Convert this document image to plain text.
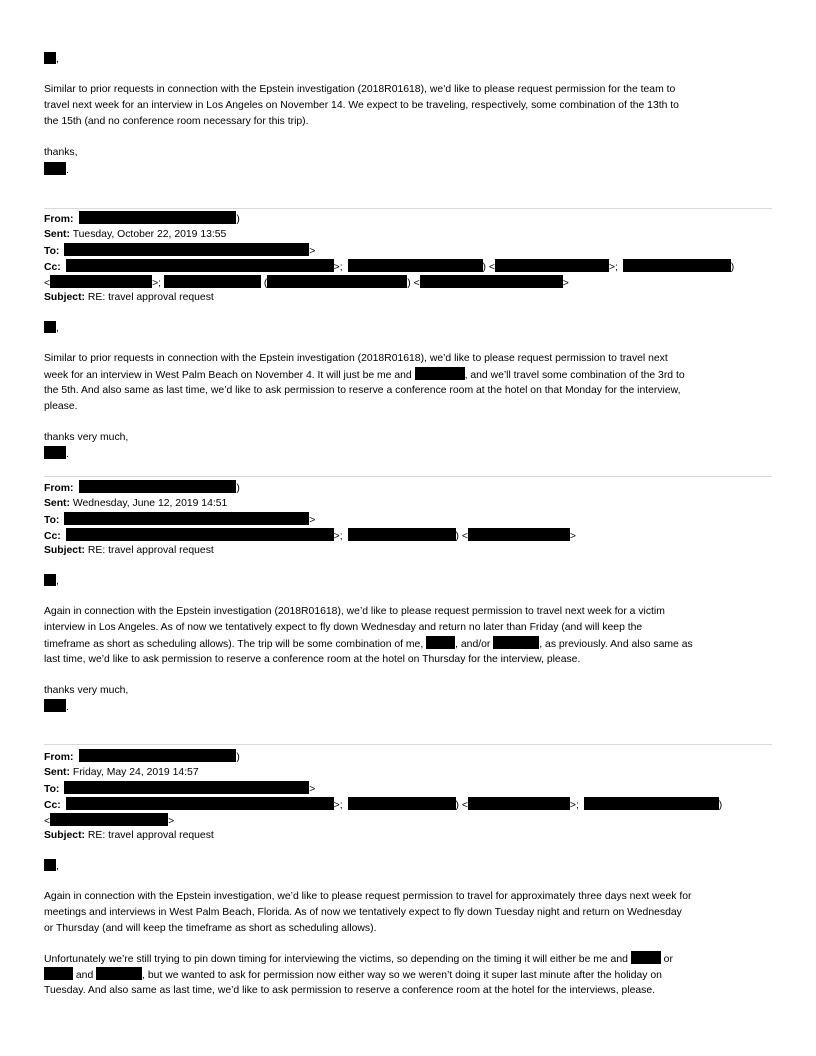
,
Similar to prior requests in connection with the Epstein investigation (2018R01618), we’d like to please request permission for the team to
travel next week for an interview in Los Angeles on November 14. We expect to be traveling, respectively, some combination of the 13th to
the 15th (and no conference room necessary for this trip).
thanks,
.
From:	)
Sent: Tuesday, October 22, 2019 13:55
To:	>
Cc:	>;	) <	>;	)
<	>;	(	) <	>
Subject: RE: travel approval request
,
Similar to prior requests in connection with the Epstein investigation (2018R01618), we’d like to please request permission to travel next
week for an interview in West Palm Beach on November 4. It will just be me and	, and we’ll travel some combination of the 3rd to
the 5th. And also same as last time, we’d like to ask permission to reserve a conference room at the hotel on that Monday for the interview,
please.
thanks very much,
.
From:	)
Sent: Wednesday, June 12, 2019 14:51
To:	>
Cc:	>;	) <	>
Subject: RE: travel approval request
,
Again in connection with the Epstein investigation (2018R01618), we’d like to please request permission to travel next week for a victim
interview in Los Angeles. As of now we tentatively expect to fly down Wednesday and return no later than Friday (and will keep the
timeframe as short as scheduling allows). The trip will be some combination of me,	, and/or	, as previously. And also same as
last time, we’d like to ask permission to reserve a conference room at the hotel on Thursday for the interview, please.
thanks very much,
.
From:	)
Sent: Friday, May 24, 2019 14:57
To:	>
Cc:	>;	) <	>;	)
<	>
Subject: RE: travel approval request
,
Again in connection with the Epstein investigation, we’d like to please request permission to travel for approximately three days next week for
meetings and interviews in West Palm Beach, Florida. As of now we tentatively expect to fly down Tuesday night and return on Wednesday
or Thursday (and will keep the timeframe as short as scheduling allows).
Unfortunately we’re still trying to pin down timing for interviewing the victims, so depending on the timing it will either be me and	or
and	, but we wanted to ask for permission now either way so we weren’t doing it super last minute after the holiday on
Tuesday. And also same as last time, we’d like to ask permission to reserve a conference room at the hotel for the interviews, please.
